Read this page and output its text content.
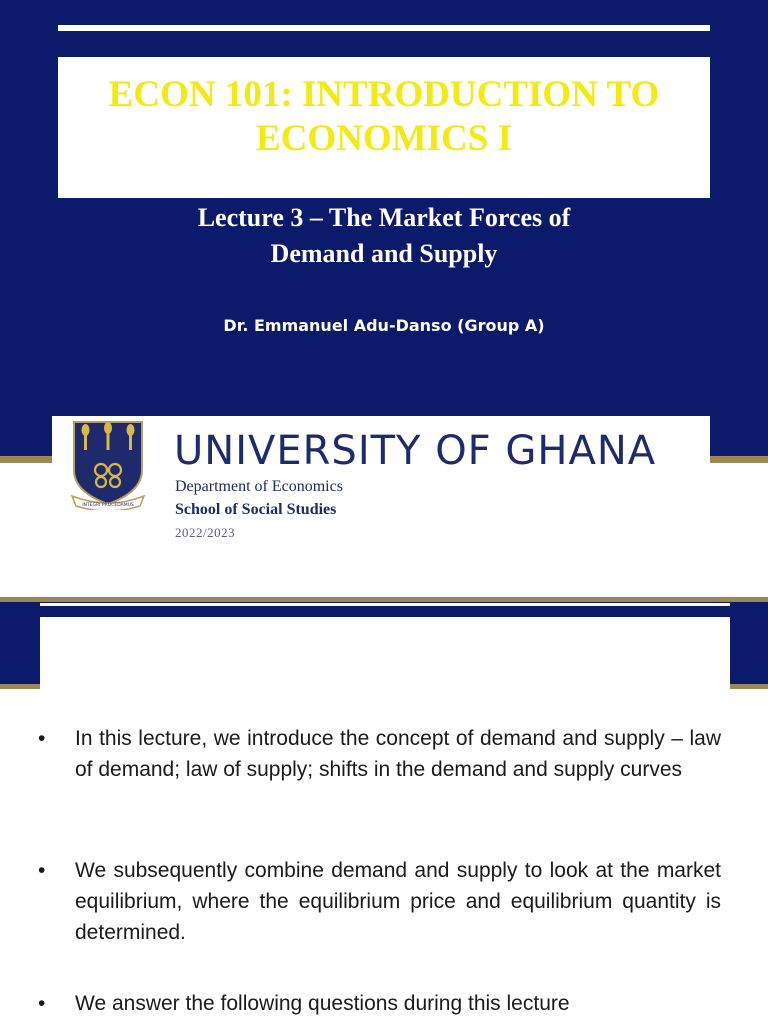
ECON 101: INTRODUCTION TO ECONOMICS I
Lecture 3 – The Market Forces of
Demand and Supply

Dr. Emmanuel Adu-Danso (Group A)

INTEGRI PROCEDAMUS
UNIVERSITY OF GHANA

Department of Economics

School of Social Studies

2022/2023

•	In this lecture, we introduce the concept of demand and supply – law of demand; law of supply; shifts in the demand and supply curves

•	We subsequently combine demand and supply to look at the market equilibrium, where the equilibrium price and equilibrium quantity is determined.

•	We answer the following questions during this lecture
